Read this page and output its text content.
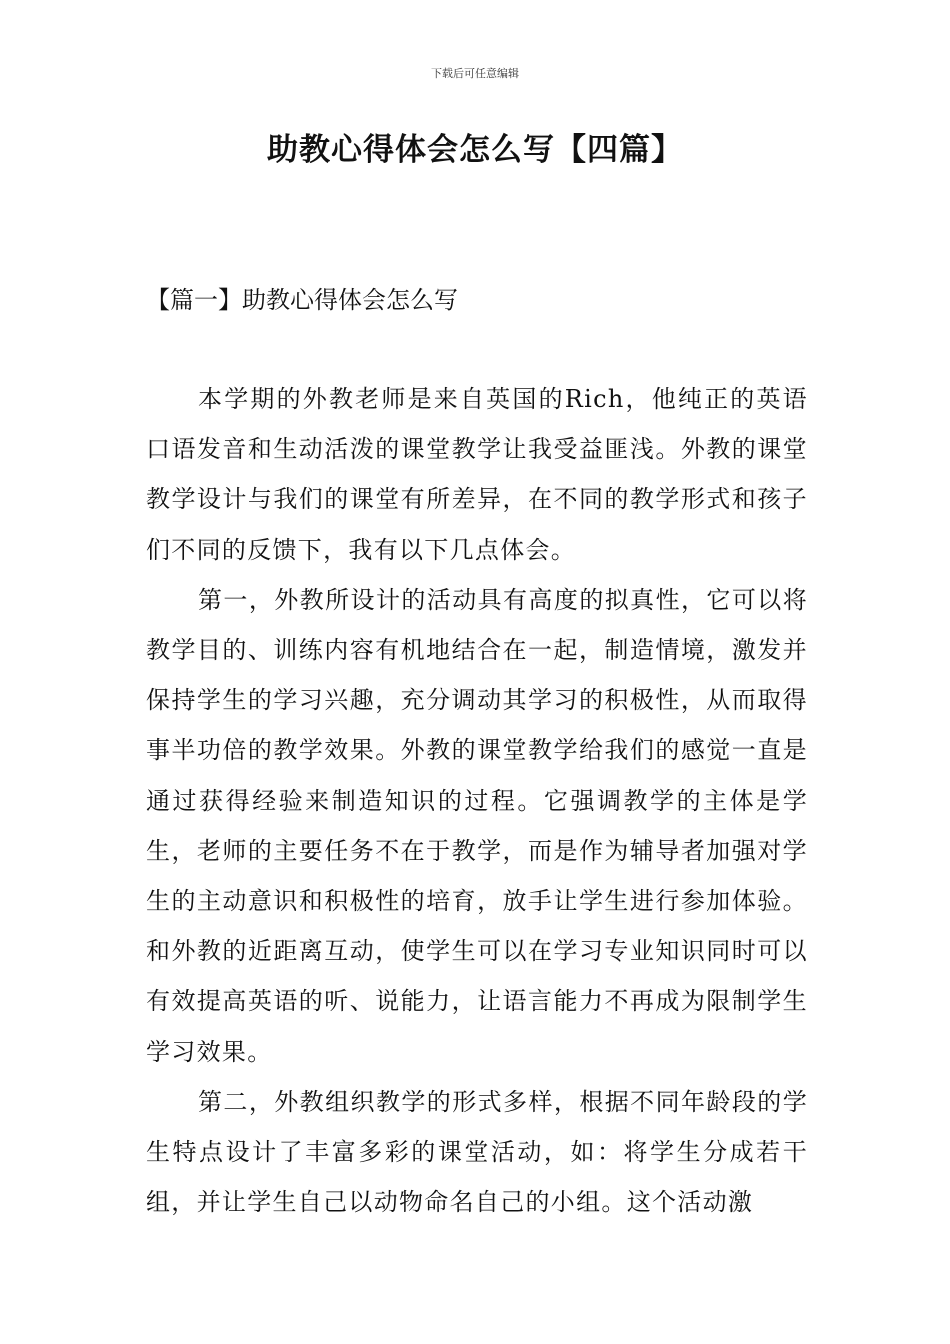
下载后可任意编辑
助教心得体会怎么写【四篇】
【篇一】助教心得体会怎么写

本学期的外教老师是来自英国的Rich，他纯正的英语口语发音和生动活泼的课堂教学让我受益匪浅。外教的课堂教学设计与我们的课堂有所差异，在不同的教学形式和孩子们不同的反馈下，我有以下几点体会。

第一，外教所设计的活动具有高度的拟真性，它可以将教学目的、训练内容有机地结合在一起，制造情境，激发并保持学生的学习兴趣，充分调动其学习的积极性，从而取得事半功倍的教学效果。外教的课堂教学给我们的感觉一直是通过获得经验来制造知识的过程。它强调教学的主体是学生，老师的主要任务不在于教学，而是作为辅导者加强对学生的主动意识和积极性的培育，放手让学生进行参加体验。和外教的近距离互动，使学生可以在学习专业知识同时可以有效提高英语的听、说能力，让语言能力不再成为限制学生学习效果。

第二，外教组织教学的形式多样，根据不同年龄段的学生特点设计了丰富多彩的课堂活动，如：将学生分成若干组，并让学生自己以动物命名自己的小组。这个活动激
